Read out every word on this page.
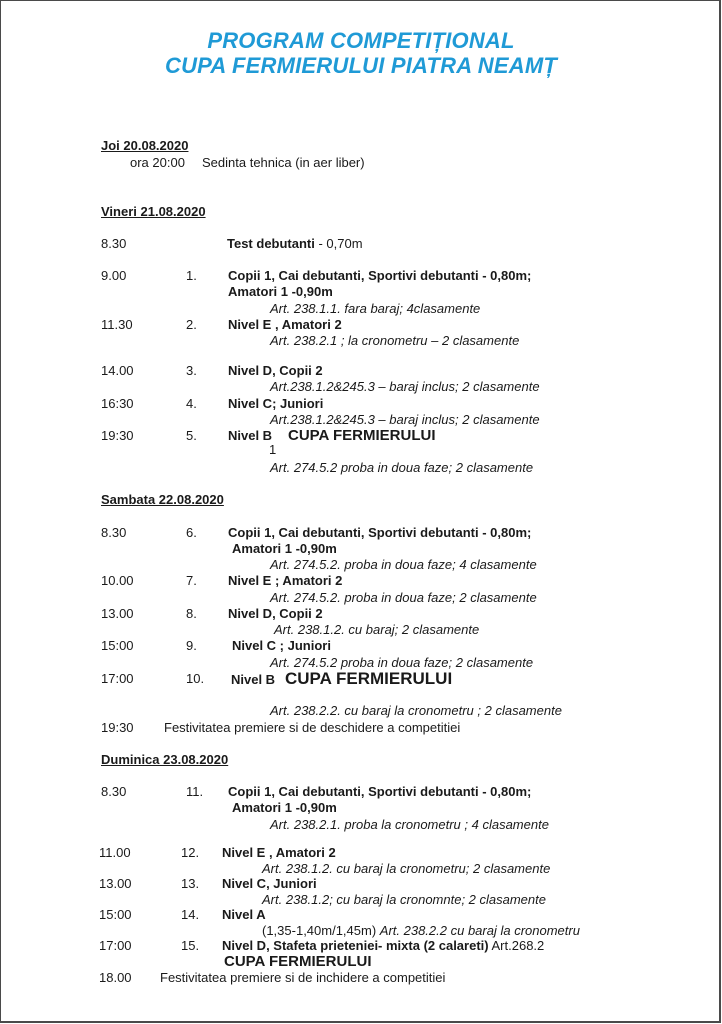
PROGRAM COMPETIȚIONAL
CUPA FERMIERULUI PIATRA NEAMȚ
Joi 20.08.2020
ora 20:00 Sedinta tehnica (in aer liber)
Vineri 21.08.2020
8.30	Test debutanti - 0,70m
9.00	1. Copii 1, Cai debutanti, Sportivi debutanti - 0,80m;
Amatori 1 -0,90m
Art. 238.1.1. fara baraj; 4clasamente
11.30	2. Nivel E , Amatori 2
Art. 238.2.1 ; la cronometru – 2 clasamente
14.00	3. Nivel D, Copii 2
Art.238.1.2&245.3 – baraj inclus; 2 clasamente
16:30	4. Nivel C; Juniori
Art.238.1.2&245.3 – baraj inclus; 2 clasamente
19:30	5. Nivel B CUPA FERMIERULUI
1
Art. 274.5.2 proba in doua faze; 2 clasamente
Sambata 22.08.2020
8.30	6. Copii 1, Cai debutanti, Sportivi debutanti - 0,80m;
Amatori 1 -0,90m
Art. 274.5.2. proba in doua faze; 4 clasamente
10.00	7. Nivel E ; Amatori 2
Art. 274.5.2. proba in doua faze; 2 clasamente
13.00	8. Nivel D, Copii 2
Art. 238.1.2. cu baraj; 2 clasamente
15:00	9.	Nivel C ; Juniori
Art. 274.5.2 proba in doua faze; 2 clasamente
17:00	10. Nivel B CUPA FERMIERULUI
Art. 238.2.2. cu baraj la cronometru ; 2 clasamente
19:30 Festivitatea premiere si de deschidere a competitiei
Duminica 23.08.2020
8.30	11. Copii 1, Cai debutanti, Sportivi debutanti - 0,80m;
Amatori 1 -0,90m
Art. 238.2.1. proba la cronometru ; 4 clasamente
11.00	12. Nivel E , Amatori 2
Art. 238.1.2. cu baraj la cronometru; 2 clasamente
13.00	13. Nivel C, Juniori
Art. 238.1.2; cu baraj la cronomnte; 2 clasamente
15:00	14. Nivel A
(1,35-1,40m/1,45m) Art. 238.2.2 cu baraj la cronometru
17:00	15. Nivel D, Stafeta prieteniei- mixta (2 calareti) Art.268.2
CUPA FERMIERULUI
18.00 Festivitatea premiere si de inchidere a competitiei
